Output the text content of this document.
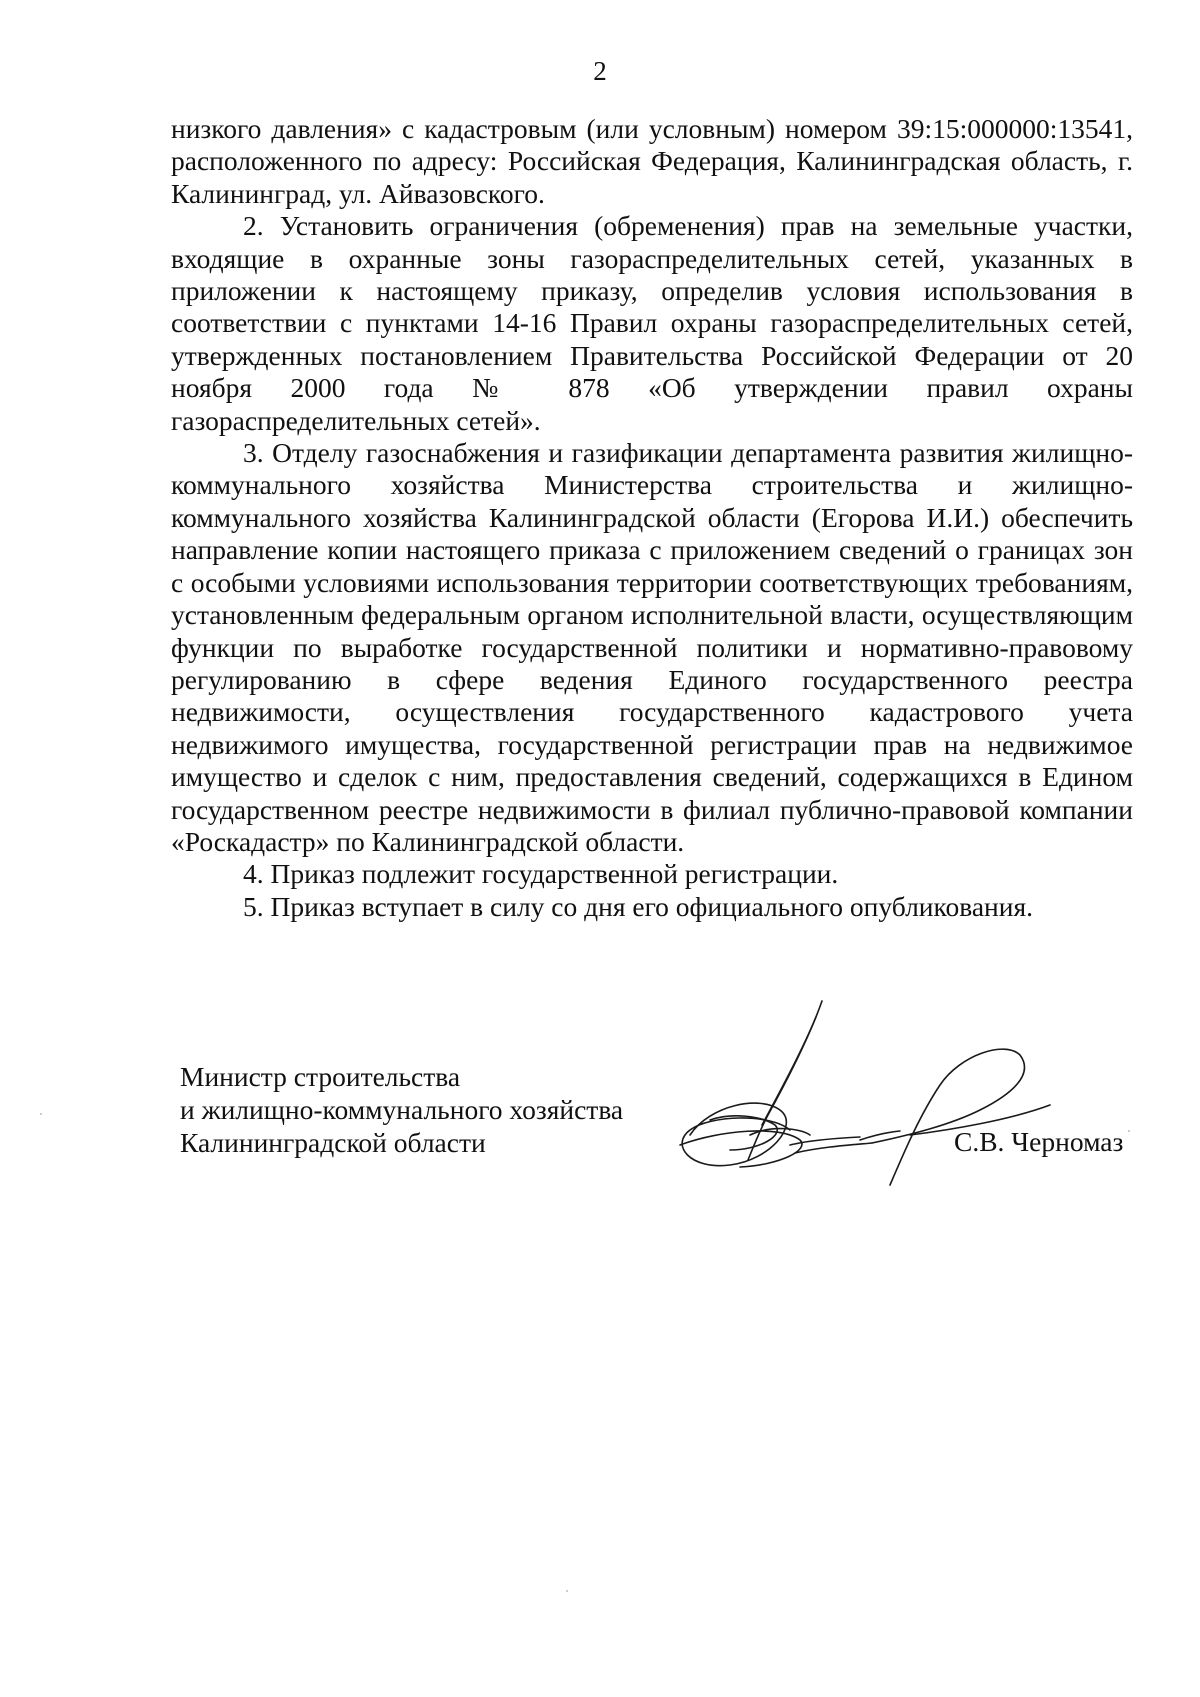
2

низкого давления» с кадастровым (или условным) номером 39:15:000000:13541, расположенного по адресу: Российская Федерация, Калининградская область, г. Калининград, ул. Айвазовского.

2. Установить ограничения (обременения) прав на земельные участки, входящие в охранные зоны газораспределительных сетей, указанных в приложении к настоящему приказу, определив условия использования в соответствии с пунктами 14-16 Правил охраны газораспределительных сетей, утвержденных постановлением Правительства Российской Федерации от 20 ноября 2000 года № 878 «Об утверждении правил охраны газораспределительных сетей».

3. Отделу газоснабжения и газификации департамента развития жилищно-коммунального хозяйства Министерства строительства и жилищно-коммунального хозяйства Калининградской области (Егорова И.И.) обеспечить направление копии настоящего приказа с приложением сведений о границах зон с особыми условиями использования территории соответствующих требованиям, установленным федеральным органом исполнительной власти, осуществляющим функции по выработке государственной политики и нормативно-правовому регулированию в сфере ведения Единого государственного реестра недвижимости, осуществления государственного кадастрового учета недвижимого имущества, государственной регистрации прав на недвижимое имущество и сделок с ним, предоставления сведений, содержащихся в Едином государственном реестре недвижимости в филиал публично-правовой компании «Роскадастр» по Калининградской области.

4. Приказ подлежит государственной регистрации.

5. Приказ вступает в силу со дня его официального опубликования.

Министр строительства
и жилищно-коммунального хозяйства
Калининградской области	С.В. Черномаз
